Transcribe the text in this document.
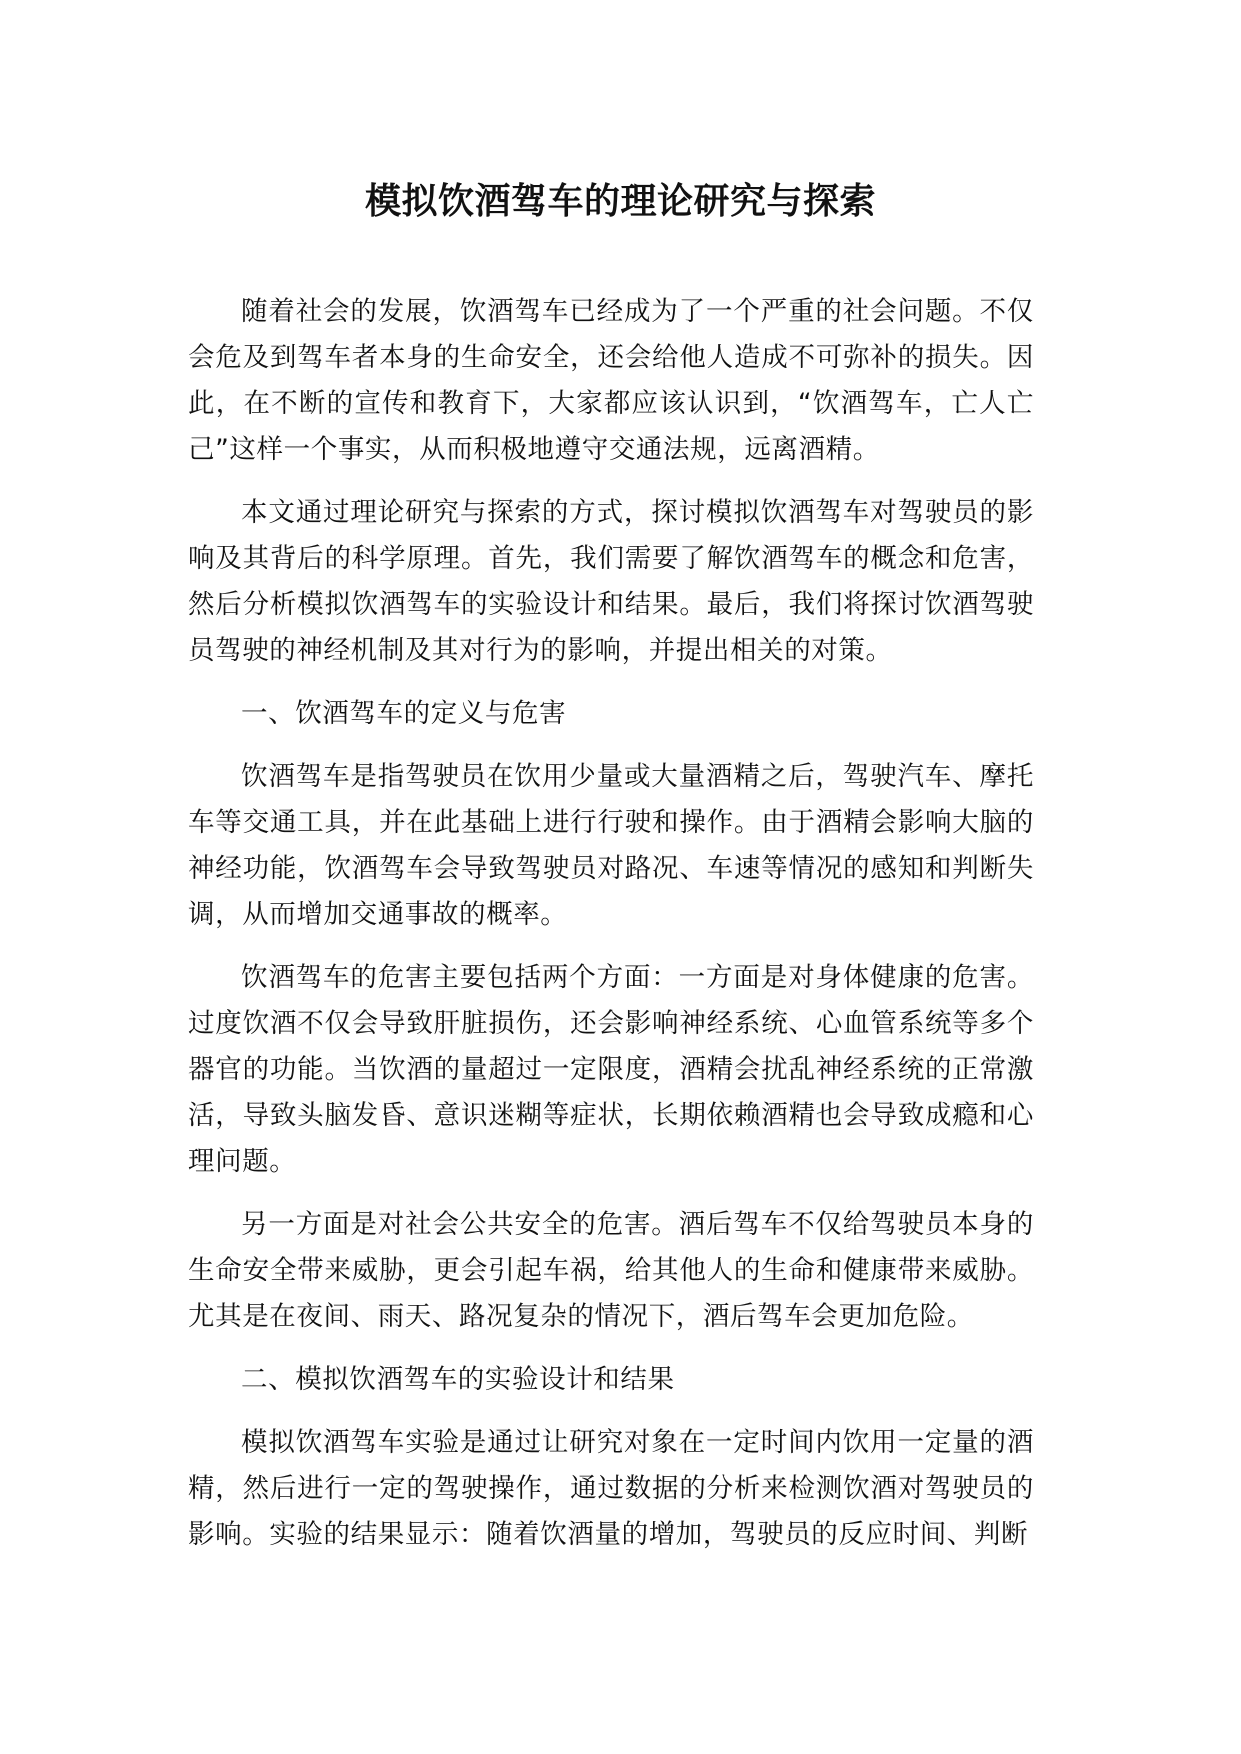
模拟饮酒驾车的理论研究与探索

随着社会的发展，饮酒驾车已经成为了一个严重的社会问题。不仅会危及到驾车者本身的生命安全，还会给他人造成不可弥补的损失。因此，在不断的宣传和教育下，大家都应该认识到，“饮酒驾车，亡人亡己”这样一个事实，从而积极地遵守交通法规，远离酒精。

本文通过理论研究与探索的方式，探讨模拟饮酒驾车对驾驶员的影响及其背后的科学原理。首先，我们需要了解饮酒驾车的概念和危害，然后分析模拟饮酒驾车的实验设计和结果。最后，我们将探讨饮酒驾驶员驾驶的神经机制及其对行为的影响，并提出相关的对策。

一、饮酒驾车的定义与危害

饮酒驾车是指驾驶员在饮用少量或大量酒精之后，驾驶汽车、摩托车等交通工具，并在此基础上进行行驶和操作。由于酒精会影响大脑的神经功能，饮酒驾车会导致驾驶员对路况、车速等情况的感知和判断失调，从而增加交通事故的概率。

饮酒驾车的危害主要包括两个方面：一方面是对身体健康的危害。过度饮酒不仅会导致肝脏损伤，还会影响神经系统、心血管系统等多个器官的功能。当饮酒的量超过一定限度，酒精会扰乱神经系统的正常激活，导致头脑发昏、意识迷糊等症状，长期依赖酒精也会导致成瘾和心理问题。

另一方面是对社会公共安全的危害。酒后驾车不仅给驾驶员本身的生命安全带来威胁，更会引起车祸，给其他人的生命和健康带来威胁。尤其是在夜间、雨天、路况复杂的情况下，酒后驾车会更加危险。

二、模拟饮酒驾车的实验设计和结果

模拟饮酒驾车实验是通过让研究对象在一定时间内饮用一定量的酒精，然后进行一定的驾驶操作，通过数据的分析来检测饮酒对驾驶员的影响。实验的结果显示：随着饮酒量的增加，驾驶员的反应时间、判断
